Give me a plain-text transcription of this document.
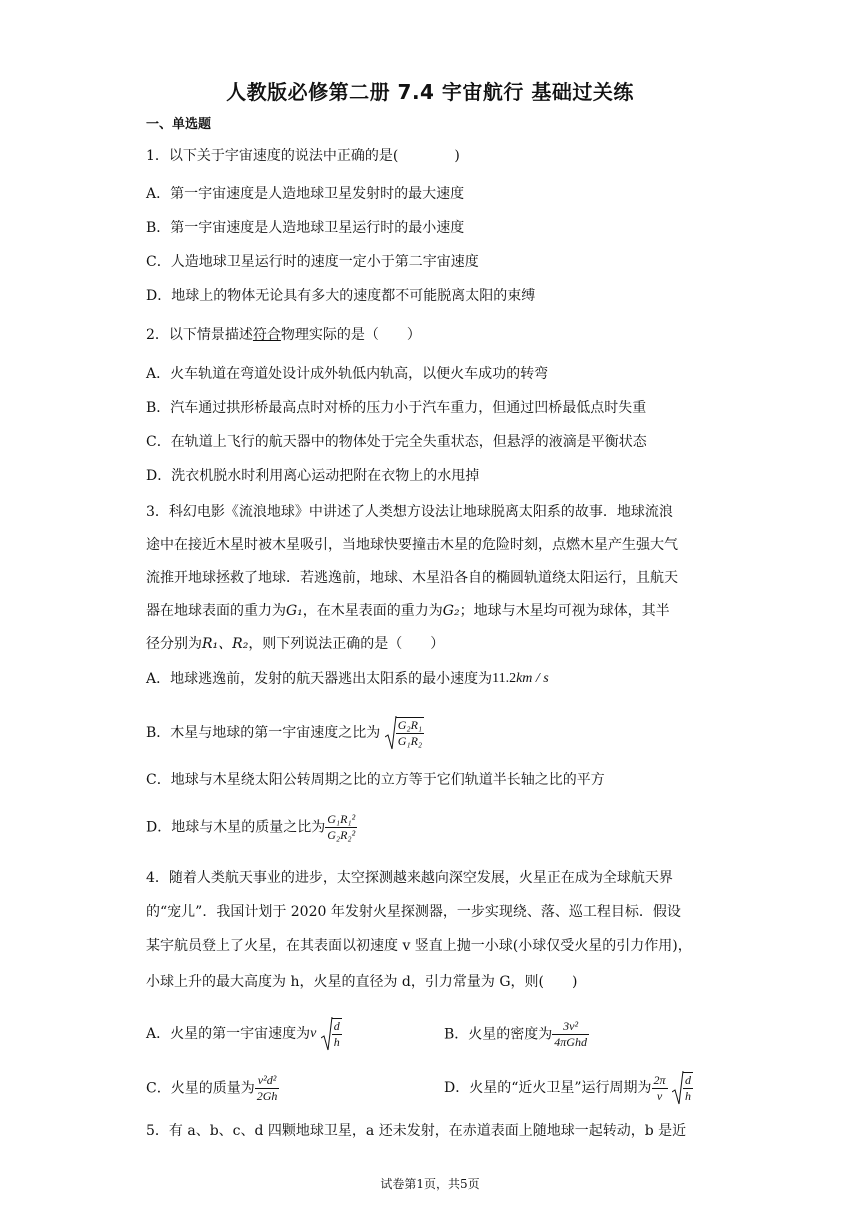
人教版必修第二册 7.4 宇宙航行 基础过关练
一、单选题
1．以下关于宇宙速度的说法中正确的是(　　　　)
A．第一宇宙速度是人造地球卫星发射时的最大速度
B．第一宇宙速度是人造地球卫星运行时的最小速度
C．人造地球卫星运行时的速度一定小于第二宇宙速度
D．地球上的物体无论具有多大的速度都不可能脱离太阳的束缚
2．以下情景描述符合物理实际的是（　　）
A．火车轨道在弯道处设计成外轨低内轨高，以便火车成功的转弯
B．汽车通过拱形桥最高点时对桥的压力小于汽车重力，但通过凹桥最低点时失重
C．在轨道上飞行的航天器中的物体处于完全失重状态，但悬浮的液滴是平衡状态
D．洗衣机脱水时利用离心运动把附在衣物上的水甩掉
3．科幻电影《流浪地球》中讲述了人类想方设法让地球脱离太阳系的故事．地球流浪
途中在接近木星时被木星吸引，当地球快要撞击木星的危险时刻，点燃木星产生强大气
流推开地球拯救了地球．若逃逸前，地球、木星沿各自的椭圆轨道绕太阳运行，且航天
器在地球表面的重力为G₁，在木星表面的重力为G₂；地球与木星均可视为球体，其半
径分别为R₁、R₂，则下列说法正确的是（　　）
A．地球逃逸前，发射的航天器逃出太阳系的最小速度为11.2km / s
B．木星与地球的第一宇宙速度之比为 $\frac{\text{G₂R₁}}{\text{G₁R₂}}$
C．地球与木星绕太阳公转周期之比的立方等于它们轨道半长轴之比的平方
D．地球与木星的质量之比为 $\frac{\text{G₁R₁²}}{\text{G₂R₂²}}$
4．随着人类航天事业的进步，太空探测越来越向深空发展，火星正在成为全球航天界
的“宠儿”．我国计划于 2020 年发射火星探测器，一步实现绕、落、巡工程目标．假设
某宇航员登上了火星，在其表面以初速度 v 竖直上抛一小球(小球仅受火星的引力作用)，
小球上升的最大高度为 h，火星的直径为 d，引力常量为 G，则(　　)
A．火星的第一宇宙速度为v $\frac{d}{h}$	B．火星的密度为 $\frac{\text{3v²}}{\text{4πGhd}}$
C．火星的质量为 $\frac{\text{v²d²}}{2Gh}$	D．火星的“近火卫星”运行周期为 $\frac{2\pi}{v}$
$\frac{d}{h}$
5．有 a、b、c、d 四颗地球卫星，a 还未发射，在赤道表面上随地球一起转动，b 是近
试卷第1页，共5页
